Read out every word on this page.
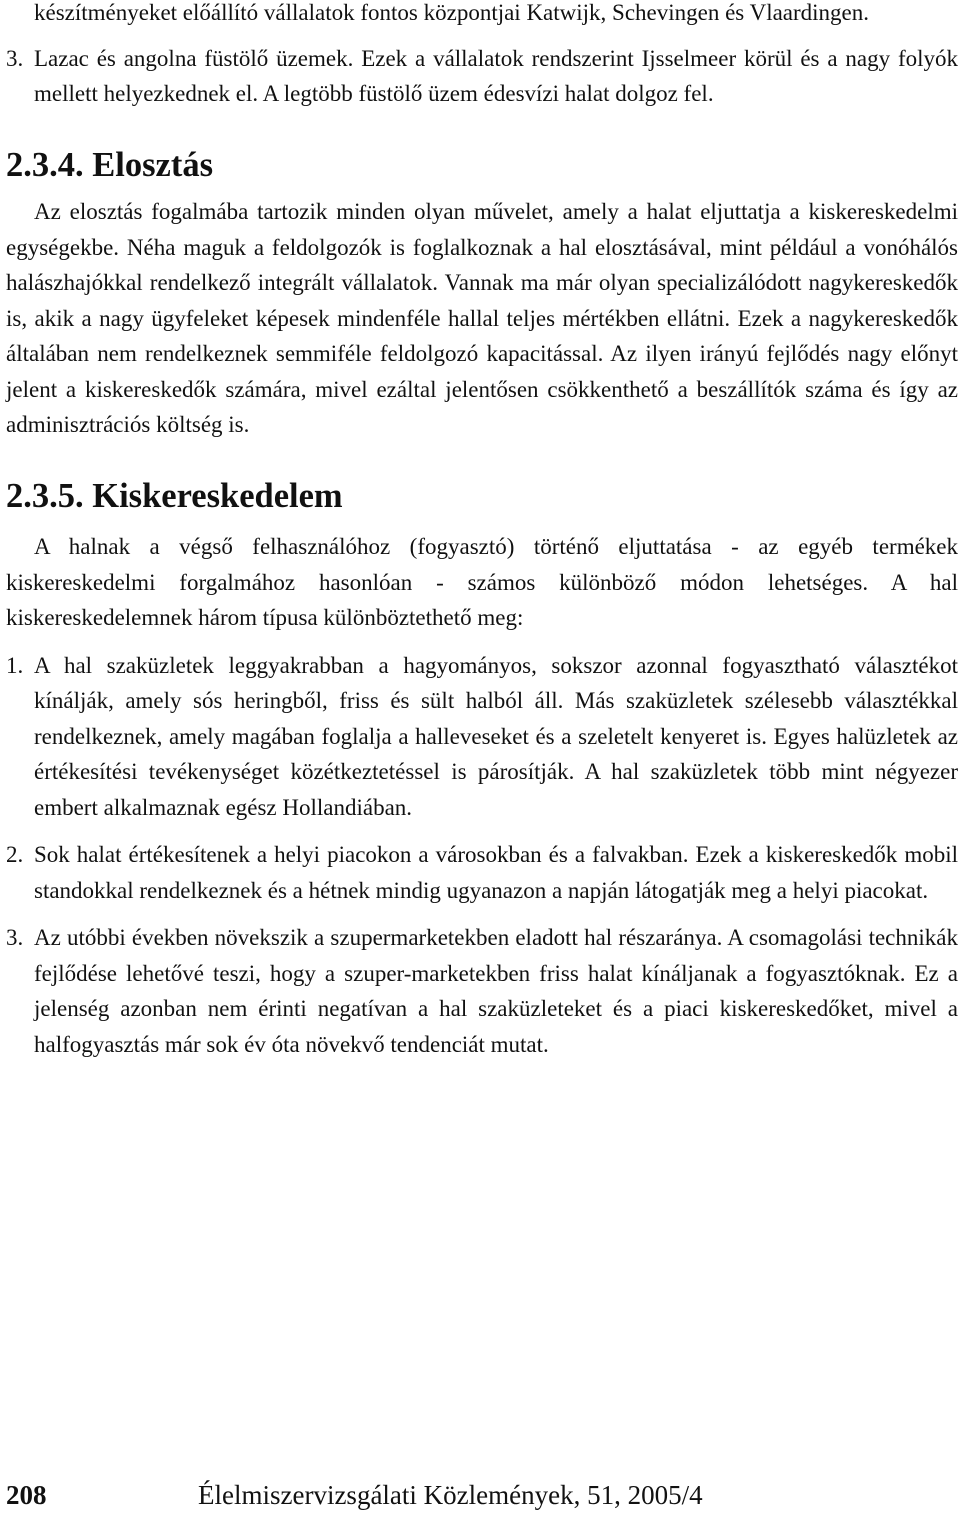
készítményeket előállító vállalatok fontos központjai Katwijk, Schevingen és Vlaardingen.

3. Lazac és angolna füstölő üzemek. Ezek a vállalatok rendszerint Ijsselmeer körül és a nagy folyók mellett helyezkednek el. A legtöbb füstölő üzem édesvízi halat dolgoz fel.
2.3.4. Elosztás

Az elosztás fogalmába tartozik minden olyan művelet, amely a halat eljuttatja a kiskereskedelmi egységekbe. Néha maguk a feldolgozók is foglalkoznak a hal elosztásával, mint például a vonóhálós halászhajókkal rendelkező integrált vállalatok. Vannak ma már olyan specializálódott nagykereskedők is, akik a nagy ügyfeleket képesek mindenféle hallal teljes mértékben ellátni. Ezek a nagykereskedők általában nem rendelkeznek semmiféle feldolgozó kapacitással. Az ilyen irányú fejlődés nagy előnyt jelent a kiskereskedők számára, mivel ezáltal jelentősen csökkenthető a beszállítók száma és így az adminisztrációs költség is.

2.3.5. Kiskereskedelem

A halnak a végső felhasználóhoz (fogyasztó) történő eljuttatása - az egyéb termékek kiskereskedelmi forgalmához hasonlóan - számos különböző módon lehetséges. A hal kiskereskedelemnek három típusa különböztethető meg:

1. A hal szaküzletek leggyakrabban a hagyományos, sokszor azonnal fogyasztható választékot kínálják, amely sós heringből, friss és sült halból áll. Más szaküzletek szélesebb választékkal rendelkeznek, amely magában foglalja a halleveseket és a szeletelt kenyeret is. Egyes halüzletek az értékesítési tevékenységet közétkeztetéssel is párosítják. A hal szaküzletek több mint négyezer embert alkalmaznak egész Hollandiában.
2. Sok halat értékesítenek a helyi piacokon a városokban és a falvakban. Ezek a kiskereskedők mobil standokkal rendelkeznek és a hétnek mindig ugyanazon a napján látogatják meg a helyi piacokat.
3. Az utóbbi években növekszik a szupermarketekben eladott hal részaránya. A csomagolási technikák fejlődése lehetővé teszi, hogy a szuper-marketekben friss halat kínáljanak a fogyasztóknak. Ez a jelenség azonban nem érinti negatívan a hal szaküzleteket és a piaci kiskereskedőket, mivel a halfogyasztás már sok év óta növekvő tendenciát mutat.
208	Élelmiszervizsgálati Közlemények, 51, 2005/4
